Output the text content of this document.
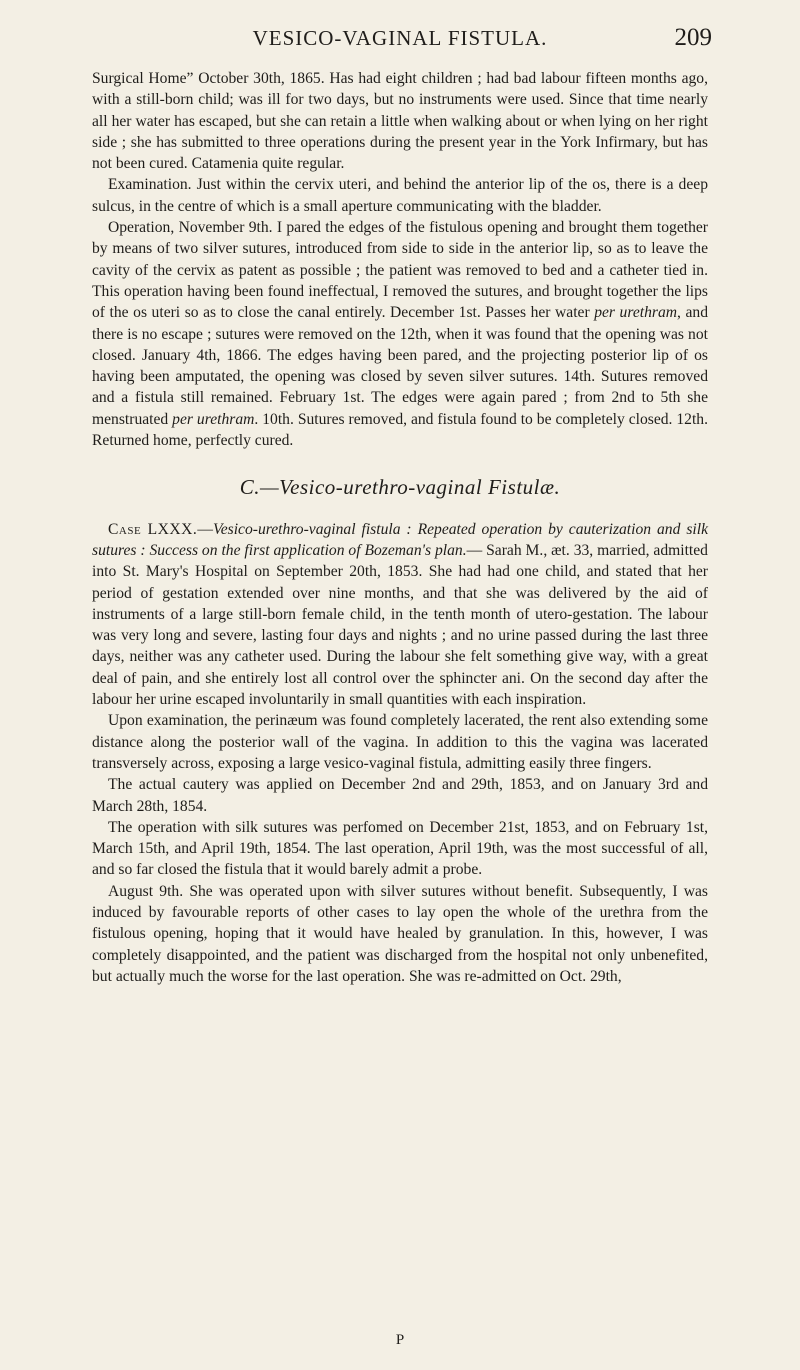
VESICO-VAGINAL FISTULA.	209

Surgical Home” October 30th, 1865. Has had eight children ; had bad labour fifteen months ago, with a still-born child; was ill for two days, but no instruments were used. Since that time nearly all her water has escaped, but she can retain a little when walking about or when lying on her right side ; she has submitted to three operations during the present year in the York Infirmary, but has not been cured. Catamenia quite regular.

Examination. Just within the cervix uteri, and behind the anterior lip of the os, there is a deep sulcus, in the centre of which is a small aperture communicating with the bladder.

Operation, November 9th. I pared the edges of the fistulous opening and brought them together by means of two silver sutures, introduced from side to side in the anterior lip, so as to leave the cavity of the cervix as patent as possible ; the patient was removed to bed and a catheter tied in. This operation having been found ineffectual, I removed the sutures, and brought together the lips of the os uteri so as to close the canal entirely. December 1st. Passes her water per urethram, and there is no escape ; sutures were removed on the 12th, when it was found that the opening was not closed. January 4th, 1866. The edges having been pared, and the projecting posterior lip of os having been amputated, the opening was closed by seven silver sutures. 14th. Sutures removed and a fistula still remained. February 1st. The edges were again pared ; from 2nd to 5th she menstruated per urethram. 10th. Sutures removed, and fistula found to be completely closed. 12th. Returned home, perfectly cured.

C.—Vesico-urethro-vaginal Fistulæ.

Case LXXX.—Vesico-urethro-vaginal fistula : Repeated operation by cauterization and silk sutures : Success on the first application of Bozeman's plan.— Sarah M., æt. 33, married, admitted into St. Mary's Hospital on September 20th, 1853. She had had one child, and stated that her period of gestation extended over nine months, and that she was delivered by the aid of instruments of a large still-born female child, in the tenth month of utero-gestation. The labour was very long and severe, lasting four days and nights ; and no urine passed during the last three days, neither was any catheter used. During the labour she felt something give way, with a great deal of pain, and she entirely lost all control over the sphincter ani. On the second day after the labour her urine escaped involuntarily in small quantities with each inspiration.

Upon examination, the perinæum was found completely lacerated, the rent also extending some distance along the posterior wall of the vagina. In addition to this the vagina was lacerated transversely across, exposing a large vesico-vaginal fistula, admitting easily three fingers.

The actual cautery was applied on December 2nd and 29th, 1853, and on January 3rd and March 28th, 1854.

The operation with silk sutures was perfomed on December 21st, 1853, and on February 1st, March 15th, and April 19th, 1854. The last operation, April 19th, was the most successful of all, and so far closed the fistula that it would barely admit a probe.

August 9th. She was operated upon with silver sutures without benefit. Subsequently, I was induced by favourable reports of other cases to lay open the whole of the urethra from the fistulous opening, hoping that it would have healed by granulation. In this, however, I was completely disappointed, and the patient was discharged from the hospital not only unbenefited, but actually much the worse for the last operation. She was re-admitted on Oct. 29th,

P
